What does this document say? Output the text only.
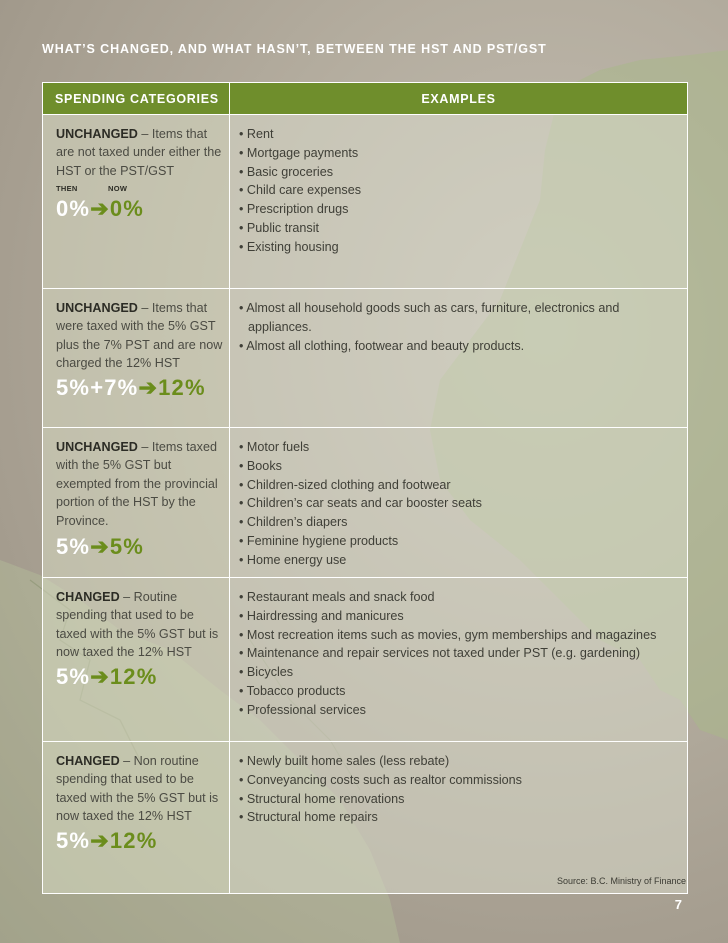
WHAT’S CHANGED, AND WHAT HASN’T, BETWEEN THE HST AND PST/GST
SPENDING CATEGORIES	EXAMPLES
UNCHANGED – Items that are not taxed under either the HST or the PST/GST
THEN	NOW
0%➔0%
• Rent
• Mortgage payments
• Basic groceries
• Child care expenses
• Prescription drugs
• Public transit
• Existing housing
UNCHANGED – Items that were taxed with the 5% GST plus the 7% PST and are now charged the 12% HST
5%+7%➔12%
• Almost all household goods such as cars, furniture, electronics and appliances.
• Almost all clothing, footwear and beauty products.
UNCHANGED – Items taxed with the 5% GST but exempted from the provincial portion of the HST by the Province.
5%➔5%
• Motor fuels
• Books
• Children-sized clothing and footwear
• Children’s car seats and car booster seats
• Children’s diapers
• Feminine hygiene products
• Home energy use
CHANGED – Routine spending that used to be taxed with the 5% GST but is now taxed the 12% HST
5%➔12%
• Restaurant meals and snack food
• Hairdressing and manicures
• Most recreation items such as movies, gym memberships and magazines
• Maintenance and repair services not taxed under PST (e.g. gardening)
• Bicycles
• Tobacco products
• Professional services
CHANGED – Non routine spending that used to be taxed with the 5% GST but is now taxed the 12% HST
5%➔12%
• Newly built home sales (less rebate)
• Conveyancing costs such as realtor commissions
• Structural home renovations
• Structural home repairs
Source: B.C. Ministry of Finance
7
